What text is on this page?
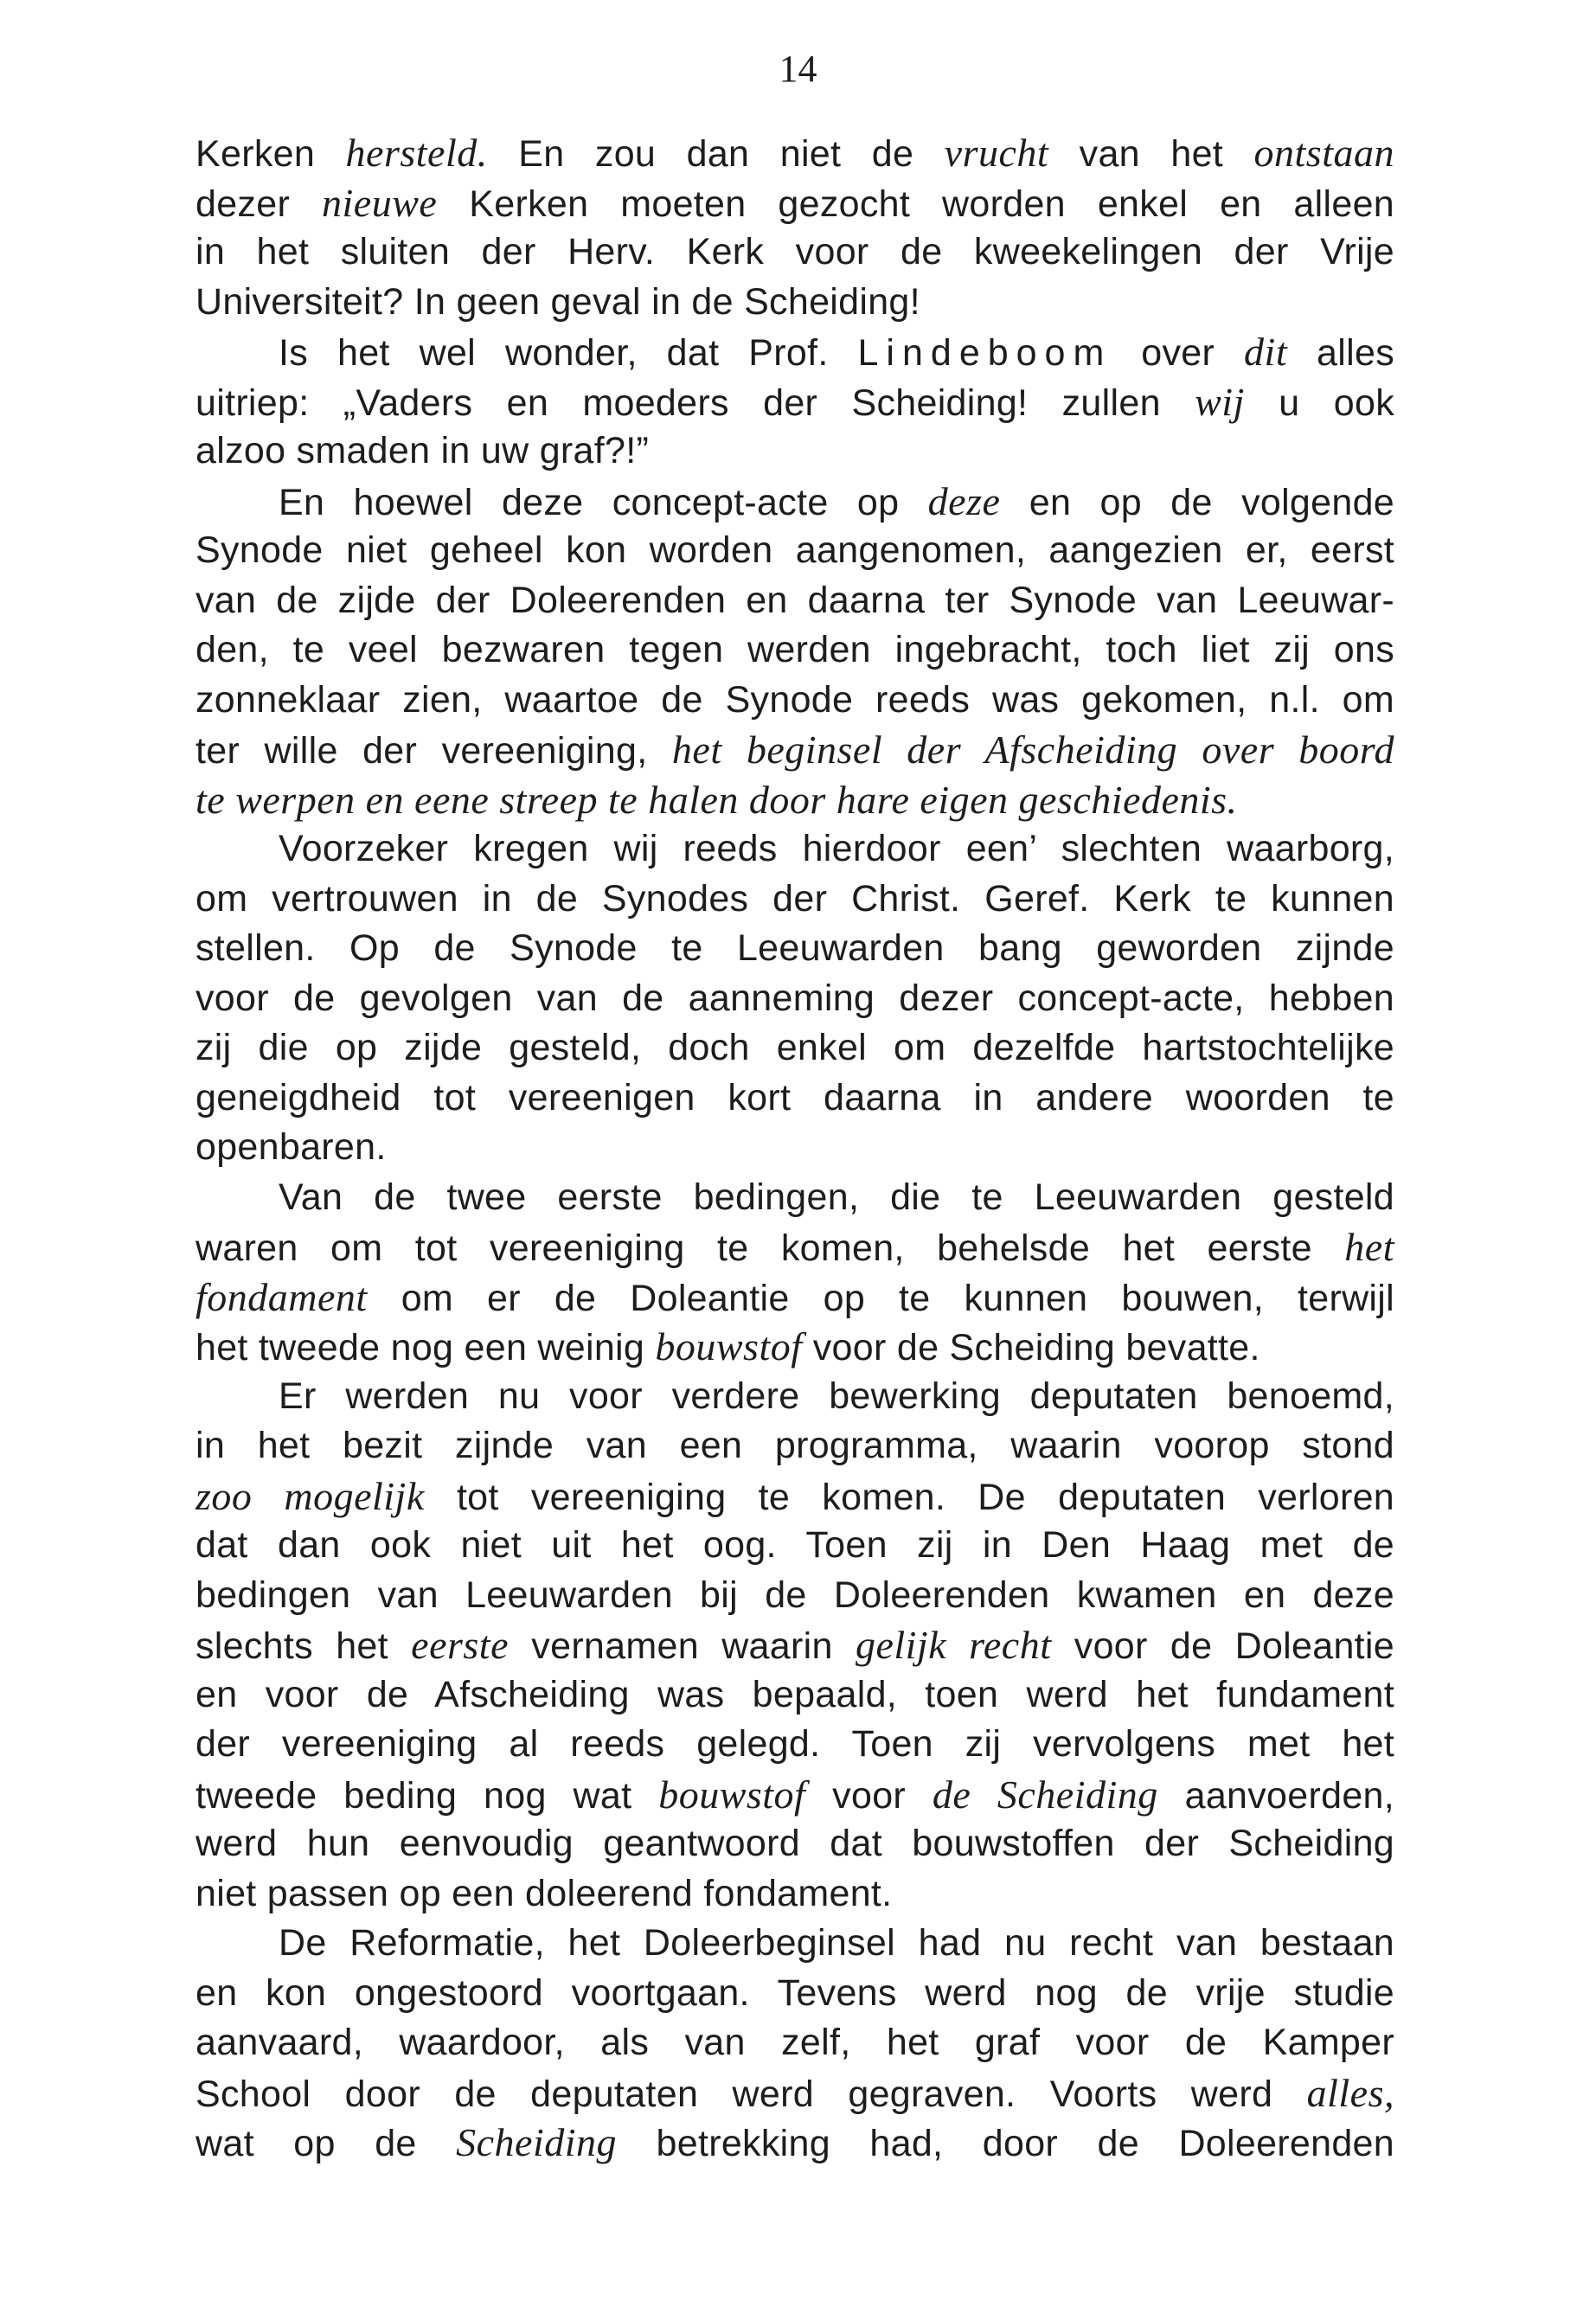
14
Kerken hersteld. En zou dan niet de vrucht van het ontstaan
dezer nieuwe Kerken moeten gezocht worden enkel en alleen
in het sluiten der Herv. Kerk voor de kweekelingen der Vrije
Universiteit? In geen geval in de Scheiding!
Is het wel wonder, dat Prof. Lindeboom over dit alles
uitriep: „Vaders en moeders der Scheiding! zullen wij u ook
alzoo smaden in uw graf?!”
En hoewel deze concept-acte op deze en op de volgende
Synode niet geheel kon worden aangenomen, aangezien er, eerst
van de zijde der Doleerenden en daarna ter Synode van Leeuwar-
den, te veel bezwaren tegen werden ingebracht, toch liet zij ons
zonneklaar zien, waartoe de Synode reeds was gekomen, n.l. om
ter wille der vereeniging, het beginsel der Afscheiding over boord
te werpen en eene streep te halen door hare eigen geschiedenis.
Voorzeker kregen wij reeds hierdoor een’ slechten waarborg,
om vertrouwen in de Synodes der Christ. Geref. Kerk te kunnen
stellen. Op de Synode te Leeuwarden bang geworden zijnde
voor de gevolgen van de aanneming dezer concept-acte, hebben
zij die op zijde gesteld, doch enkel om dezelfde hartstochtelijke
geneigdheid tot vereenigen kort daarna in andere woorden te
openbaren.
Van de twee eerste bedingen, die te Leeuwarden gesteld
waren om tot vereeniging te komen, behelsde het eerste het
fondament om er de Doleantie op te kunnen bouwen, terwijl
het tweede nog een weinig bouwstof voor de Scheiding bevatte.
Er werden nu voor verdere bewerking deputaten benoemd,
in het bezit zijnde van een programma, waarin voorop stond
zoo mogelijk tot vereeniging te komen. De deputaten verloren
dat dan ook niet uit het oog. Toen zij in Den Haag met de
bedingen van Leeuwarden bij de Doleerenden kwamen en deze
slechts het eerste vernamen waarin gelijk recht voor de Doleantie
en voor de Afscheiding was bepaald, toen werd het fundament
der vereeniging al reeds gelegd. Toen zij vervolgens met het
tweede beding nog wat bouwstof voor de Scheiding aanvoerden,
werd hun eenvoudig geantwoord dat bouwstoffen der Scheiding
niet passen op een doleerend fondament.
De Reformatie, het Doleerbeginsel had nu recht van bestaan
en kon ongestoord voortgaan. Tevens werd nog de vrije studie
aanvaard, waardoor, als van zelf, het graf voor de Kamper
School door de deputaten werd gegraven. Voorts werd alles,
wat op de Scheiding betrekking had, door de Doleerenden
